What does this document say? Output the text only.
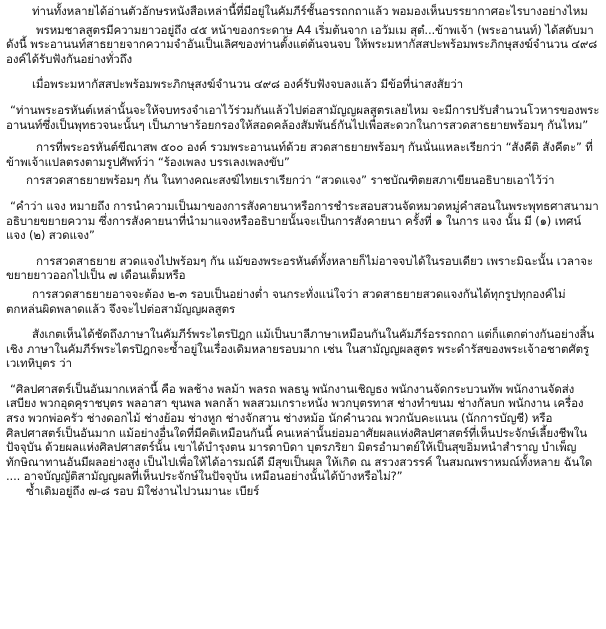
ท่านทั้งหลายได้อ่านตัวอักษรหนังสือเหล่านี้ที่มีอยู่ในคัมภีร์ชั้นอรรถกถาแล้ว พอมองเห็นบรรยากาศอะไรบางอย่างไหม

พรหมชาลสูตรมีความยาวอยู่ถึง ๔๕ หน้าของกระดาษ A4 เริ่มต้นจาก เอวัมเม สุตํ...ข้าพเจ้า (พระอานนท์) ได้สดับมาดังนี้ พระอานนท์สาธยายจากความจำอันเป็นเลิศของท่านตั้งแต่ต้นจนจบ ให้พระมหากัสสปะพร้อมพระภิกษุสงฆ์จำนวน ๔๙๘ องค์ได้รับฟังกันอย่างทั่วถึง

เมื่อพระมหากัสสปะพร้อมพระภิกษุสงฆ์จำนวน ๔๙๘ องค์รับฟังจบลงแล้ว มีข้อที่น่าสงสัยว่า

“ท่านพระอรหันต์เหล่านั้นจะให้จบทรงจำเอาไว้ร่วมกันแล้วไปต่อสามัญญผลสูตรเลยไหม จะมีการปรับสำนวนโวหารของพระอานนท์ซึ่งเป็นพุทธวจนะนั้นๆ เป็นภาษาร้อยกรองให้สอดคล้องสัมพันธ์กันไปเพื่อสะดวกในการสวดสาธยายพร้อมๆ กันไหม”

การที่พระอรหันต์ขีณาสพ ๕๐๐ องค์ รวมพระอานนท์ด้วย สวดสาธยายพร้อมๆ กันนั่นแหละเรียกว่า “สังคีติ สังคีตะ” ที่ข้าพเจ้าแปลตรงตามรูปศัพท์ว่า “ร้องเพลง บรรเลงเพลงขับ”

การสวดสาธยายพร้อมๆ กัน ในทางคณะสงฆ์ไทยเราเรียกว่า “สวดแจง” ราชบัณฑิตยสภาเขียนอธิบายเอาไว้ว่า

“คำว่า แจง หมายถึง การนำความเป็นมาของการสังคายนาหรือการชำระสอบสวนจัดหมวดหมู่คำสอนในพระพุทธศาสนามาอธิบายขยายความ ซึ่งการสังคายนาที่นำมาแจงหรืออธิบายนั้นจะเป็นการสังคายนา ครั้งที่ ๑ ในการ แจง นั้น มี (๑) เทศน์แจง (๒) สวดแจง”

การสวดสาธยาย สวดแจงไปพร้อมๆ กัน แม้ของพระอรหันต์ทั้งหลายก็ไม่อาจจบได้ในรอบเดียว เพราะมิฉะนั้น เวลาจะขยายยาวออกไปเป็น ๗ เดือนเต็มหรือ

การสวดสาธยายอาจจะต้อง ๒-๓ รอบเป็นอย่างต่ำ จนกระทั่งแน่ใจว่า สวดสาธยายสวดแจงกันได้ทุกรูปทุกองค์ไม่ตกหล่นผิดพลาดแล้ว จึงจะไปต่อสามัญญผลสูตร

สังเกตเห็นได้ชัดถึงภาษาในคัมภีร์พระไตรปิฎก แม้เป็นบาลีภาษาเหมือนกันในคัมภีร์อรรถกถา แต่ก็แตกต่างกันอย่างสิ้นเชิง ภาษาในคัมภีร์พระไตรปิฎกจะซ้ำอยู่ในเรื่องเดิมหลายรอบมาก เช่น ในสามัญญผลสูตร พระดำรัสของพระเจ้าอชาตศัตรู เวเทหิบุตร ว่า

“ศิลปศาสตร์เป็นอันมากเหล่านี้ คือ พลช้าง พลม้า พลรถ พลธนู พนักงานเชิญธง พนักงานจัดกระบวนทัพ พนักงานจัดส่งเสบียง พวกอุดคุราชบุตร พลอาสา ขุนพล พลกล้า พลสวมเกราะหนัง พวกบุตรทาส ช่างทำขนม ช่างกัลบก พนักงาน เครื่องสรง พวกพ่อครัว ช่างดอกไม้ ช่างย้อม ช่างหูก ช่างจักสาน ช่างหม้อ นักคำนวณ พวกนับคะแนน (นักการบัญชี) หรือศิลปศาสตร์เป็นอันมาก แม้อย่างอื่นใดที่มีคติเหมือนกันนี้ คนเหล่านั้นย่อมอาศัยผลแห่งศิลปศาสตร์ที่เห็นประจักษ์เลี้ยงชีพในปัจจุบัน ด้วยผลแห่งศิลปศาสตร์นั้น เขาได้บำรุงตน มารดาบิดา บุตรภริยา มิตรอำมาตย์ให้เป็นสุขอิ่มหนำสำราญ บำเพ็ญทักษิณาทานอันมีผลอย่างสูง เป็นไปเพื่อให้ได้อารมณ์ดี มีสุขเป็นผล ให้เกิด ณ สรวงสวรรค์ ในสมณพราหมณ์ทั้งหลาย ฉันใด .... อาจบัญญัติสามัญญผลที่เห็นประจักษ์ในปัจจุบัน เหมือนอย่างนั้นได้บ้างหรือไม่?”

ซ้ำเดิมอยู่ถึง ๗-๘ รอบ มิใช่งานไปวนมานะ เบียร์
